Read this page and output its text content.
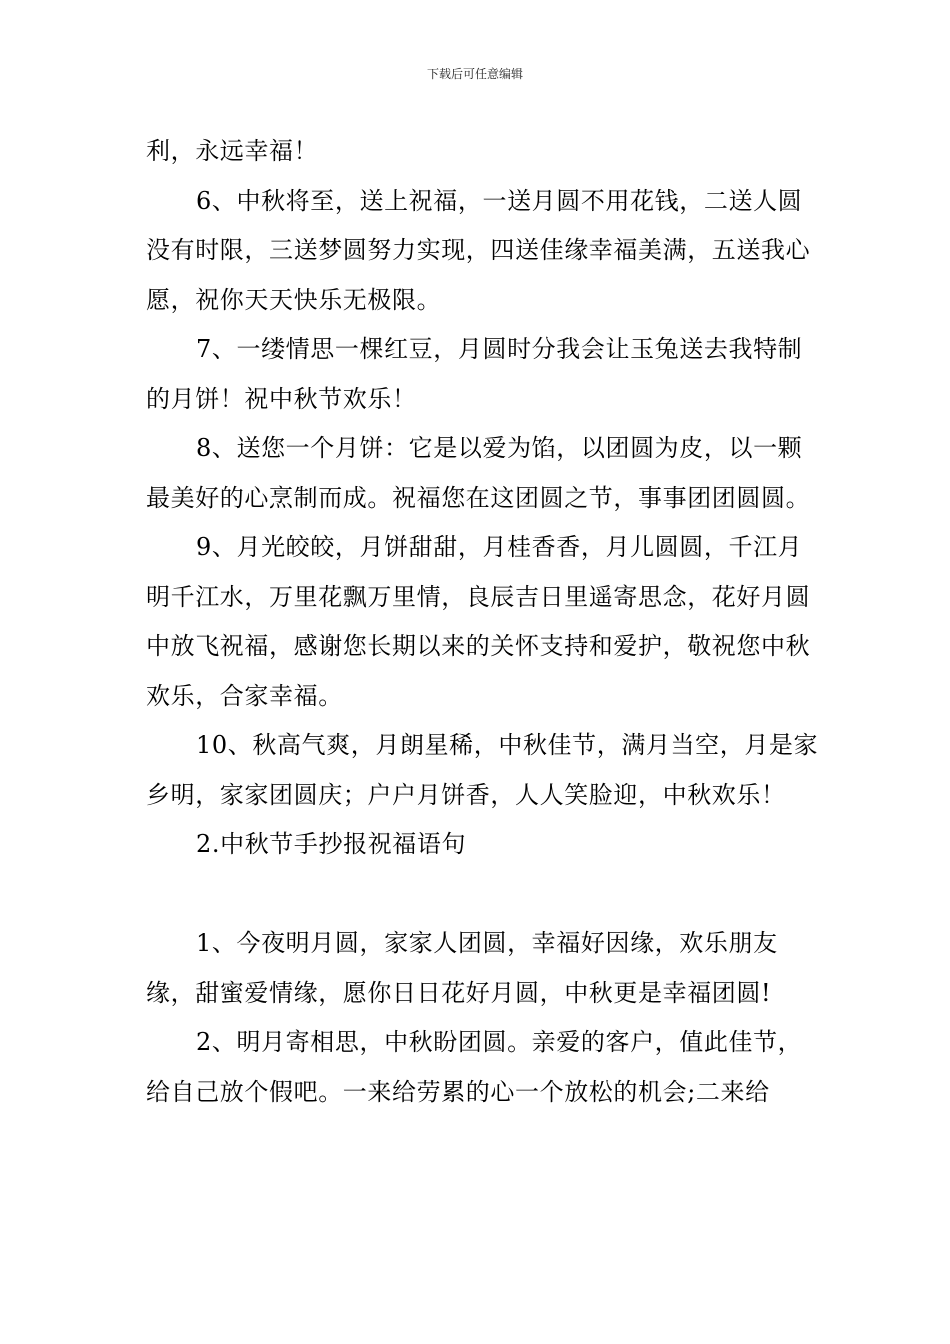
下载后可任意编辑

利，永远幸福！

6、中秋将至，送上祝福，一送月圆不用花钱，二送人圆没有时限，三送梦圆努力实现，四送佳缘幸福美满，五送我心愿，祝你天天快乐无极限。

7、一缕情思一棵红豆，月圆时分我会让玉兔送去我特制的月饼！祝中秋节欢乐！

8、送您一个月饼：它是以爱为馅，以团圆为皮，以一颗最美好的心烹制而成。祝福您在这团圆之节，事事团团圆圆。

9、月光皎皎，月饼甜甜，月桂香香，月儿圆圆，千江月明千江水，万里花飘万里情，良辰吉日里遥寄思念，花好月圆中放飞祝福，感谢您长期以来的关怀支持和爱护，敬祝您中秋欢乐，合家幸福。

10、秋高气爽，月朗星稀，中秋佳节，满月当空，月是家乡明，家家团圆庆；户户月饼香，人人笑脸迎，中秋欢乐！

2.中秋节手抄报祝福语句

1、今夜明月圆，家家人团圆，幸福好因缘，欢乐朋友缘，甜蜜爱情缘，愿你日日花好月圆，中秋更是幸福团圆!

2、明月寄相思，中秋盼团圆。亲爱的客户，值此佳节，给自己放个假吧。一来给劳累的心一个放松的机会;二来给
